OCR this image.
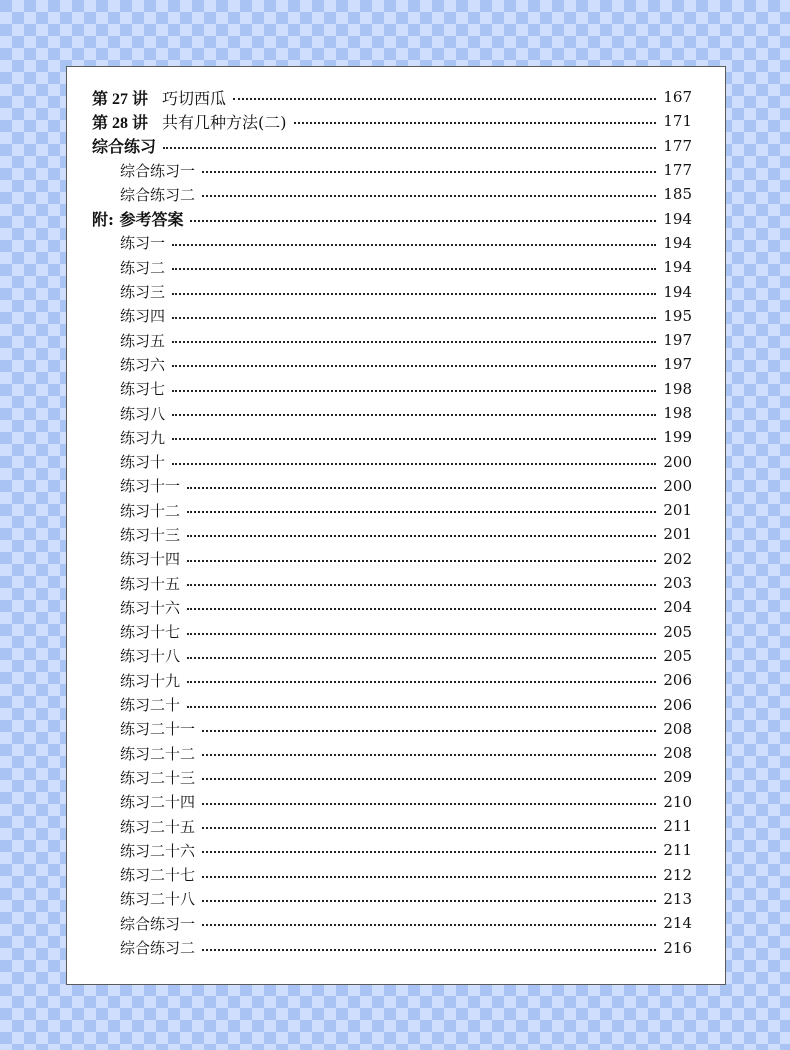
第 27 讲 巧切西瓜	167
第 28 讲 共有几种方法(二)	171
综合练习	177
综合练习一	177
综合练习二	185
附: 参考答案	194
练习一	194
练习二	194
练习三	194
练习四	195
练习五	197
练习六	197
练习七	198
练习八	198
练习九	199
练习十	200
练习十一	200
练习十二	201
练习十三	201
练习十四	202
练习十五	203
练习十六	204
练习十七	205
练习十八	205
练习十九	206
练习二十	206
练习二十一	208
练习二十二	208
练习二十三	209
练习二十四	210
练习二十五	211
练习二十六	211
练习二十七	212
练习二十八	213
综合练习一	214
综合练习二	216
